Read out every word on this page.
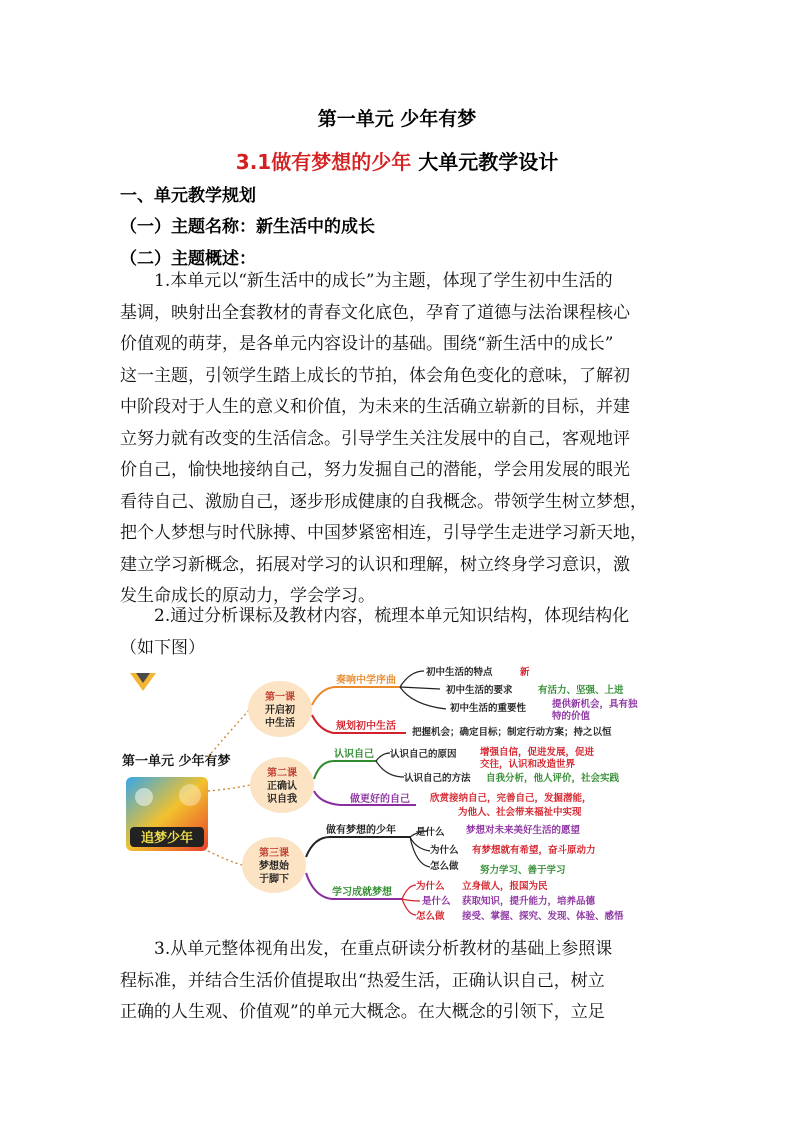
第一单元 少年有梦
3.1做有梦想的少年 大单元教学设计
一、单元教学规划
（一）主题名称：新生活中的成长
（二）主题概述：
1.本单元以“新生活中的成长”为主题，体现了学生初中生活的
基调，映射出全套教材的青春文化底色，孕育了道德与法治课程核心
价值观的萌芽，是各单元内容设计的基础。围绕“新生活中的成长”
这一主题，引领学生踏上成长的节拍，体会角色变化的意味，了解初
中阶段对于人生的意义和价值，为未来的生活确立崭新的目标，并建
立努力就有改变的生活信念。引导学生关注发展中的自己，客观地评
价自己，愉快地接纳自己，努力发掘自己的潜能，学会用发展的眼光
看待自己、激励自己，逐步形成健康的自我概念。带领学生树立梦想，
把个人梦想与时代脉搏、中国梦紧密相连，引导学生走进学习新天地，
建立学习新概念，拓展对学习的认识和理解，树立终身学习意识，激
发生命成长的原动力，学会学习。
2.通过分析课标及教材内容，梳理本单元知识结构，体现结构化
（如下图）
第一单元 少年有梦
追梦少年
第一课
开启初
中生活
奏响中学序曲
初中生活的特点	新
初中生活的要求	有活力、坚强、上进
初中生活的重要性	提供新机会，具有独
特的价值
规划初中生活
把握机会；确定目标；制定行动方案；持之以恒
第二课
正确认
识自我
认识自己 认识自己的原因 增强自信，促进发展，促进
交往，认识和改造世界
认识自己的方法 自我分析，他人评价，社会实践
做更好的自己 欣赏接纳自己，完善自己，发掘潜能，
为他人、社会带来福祉中实现
第三课
梦想始
于脚下
做有梦想的少年 是什么 梦想对未来美好生活的愿望
为什么 有梦想就有希望，奋斗原动力
怎么做 努力学习、善于学习
学习成就梦想
为什么 立身做人，报国为民
是什么 获取知识，提升能力，培养品德
怎么做 接受、掌握、探究、发现、体验、感悟
3.从单元整体视角出发，在重点研读分析教材的基础上参照课
程标准，并结合生活价值提取出“热爱生活，正确认识自己，树立
正确的人生观、价值观”的单元大概念。在大概念的引领下，立足
